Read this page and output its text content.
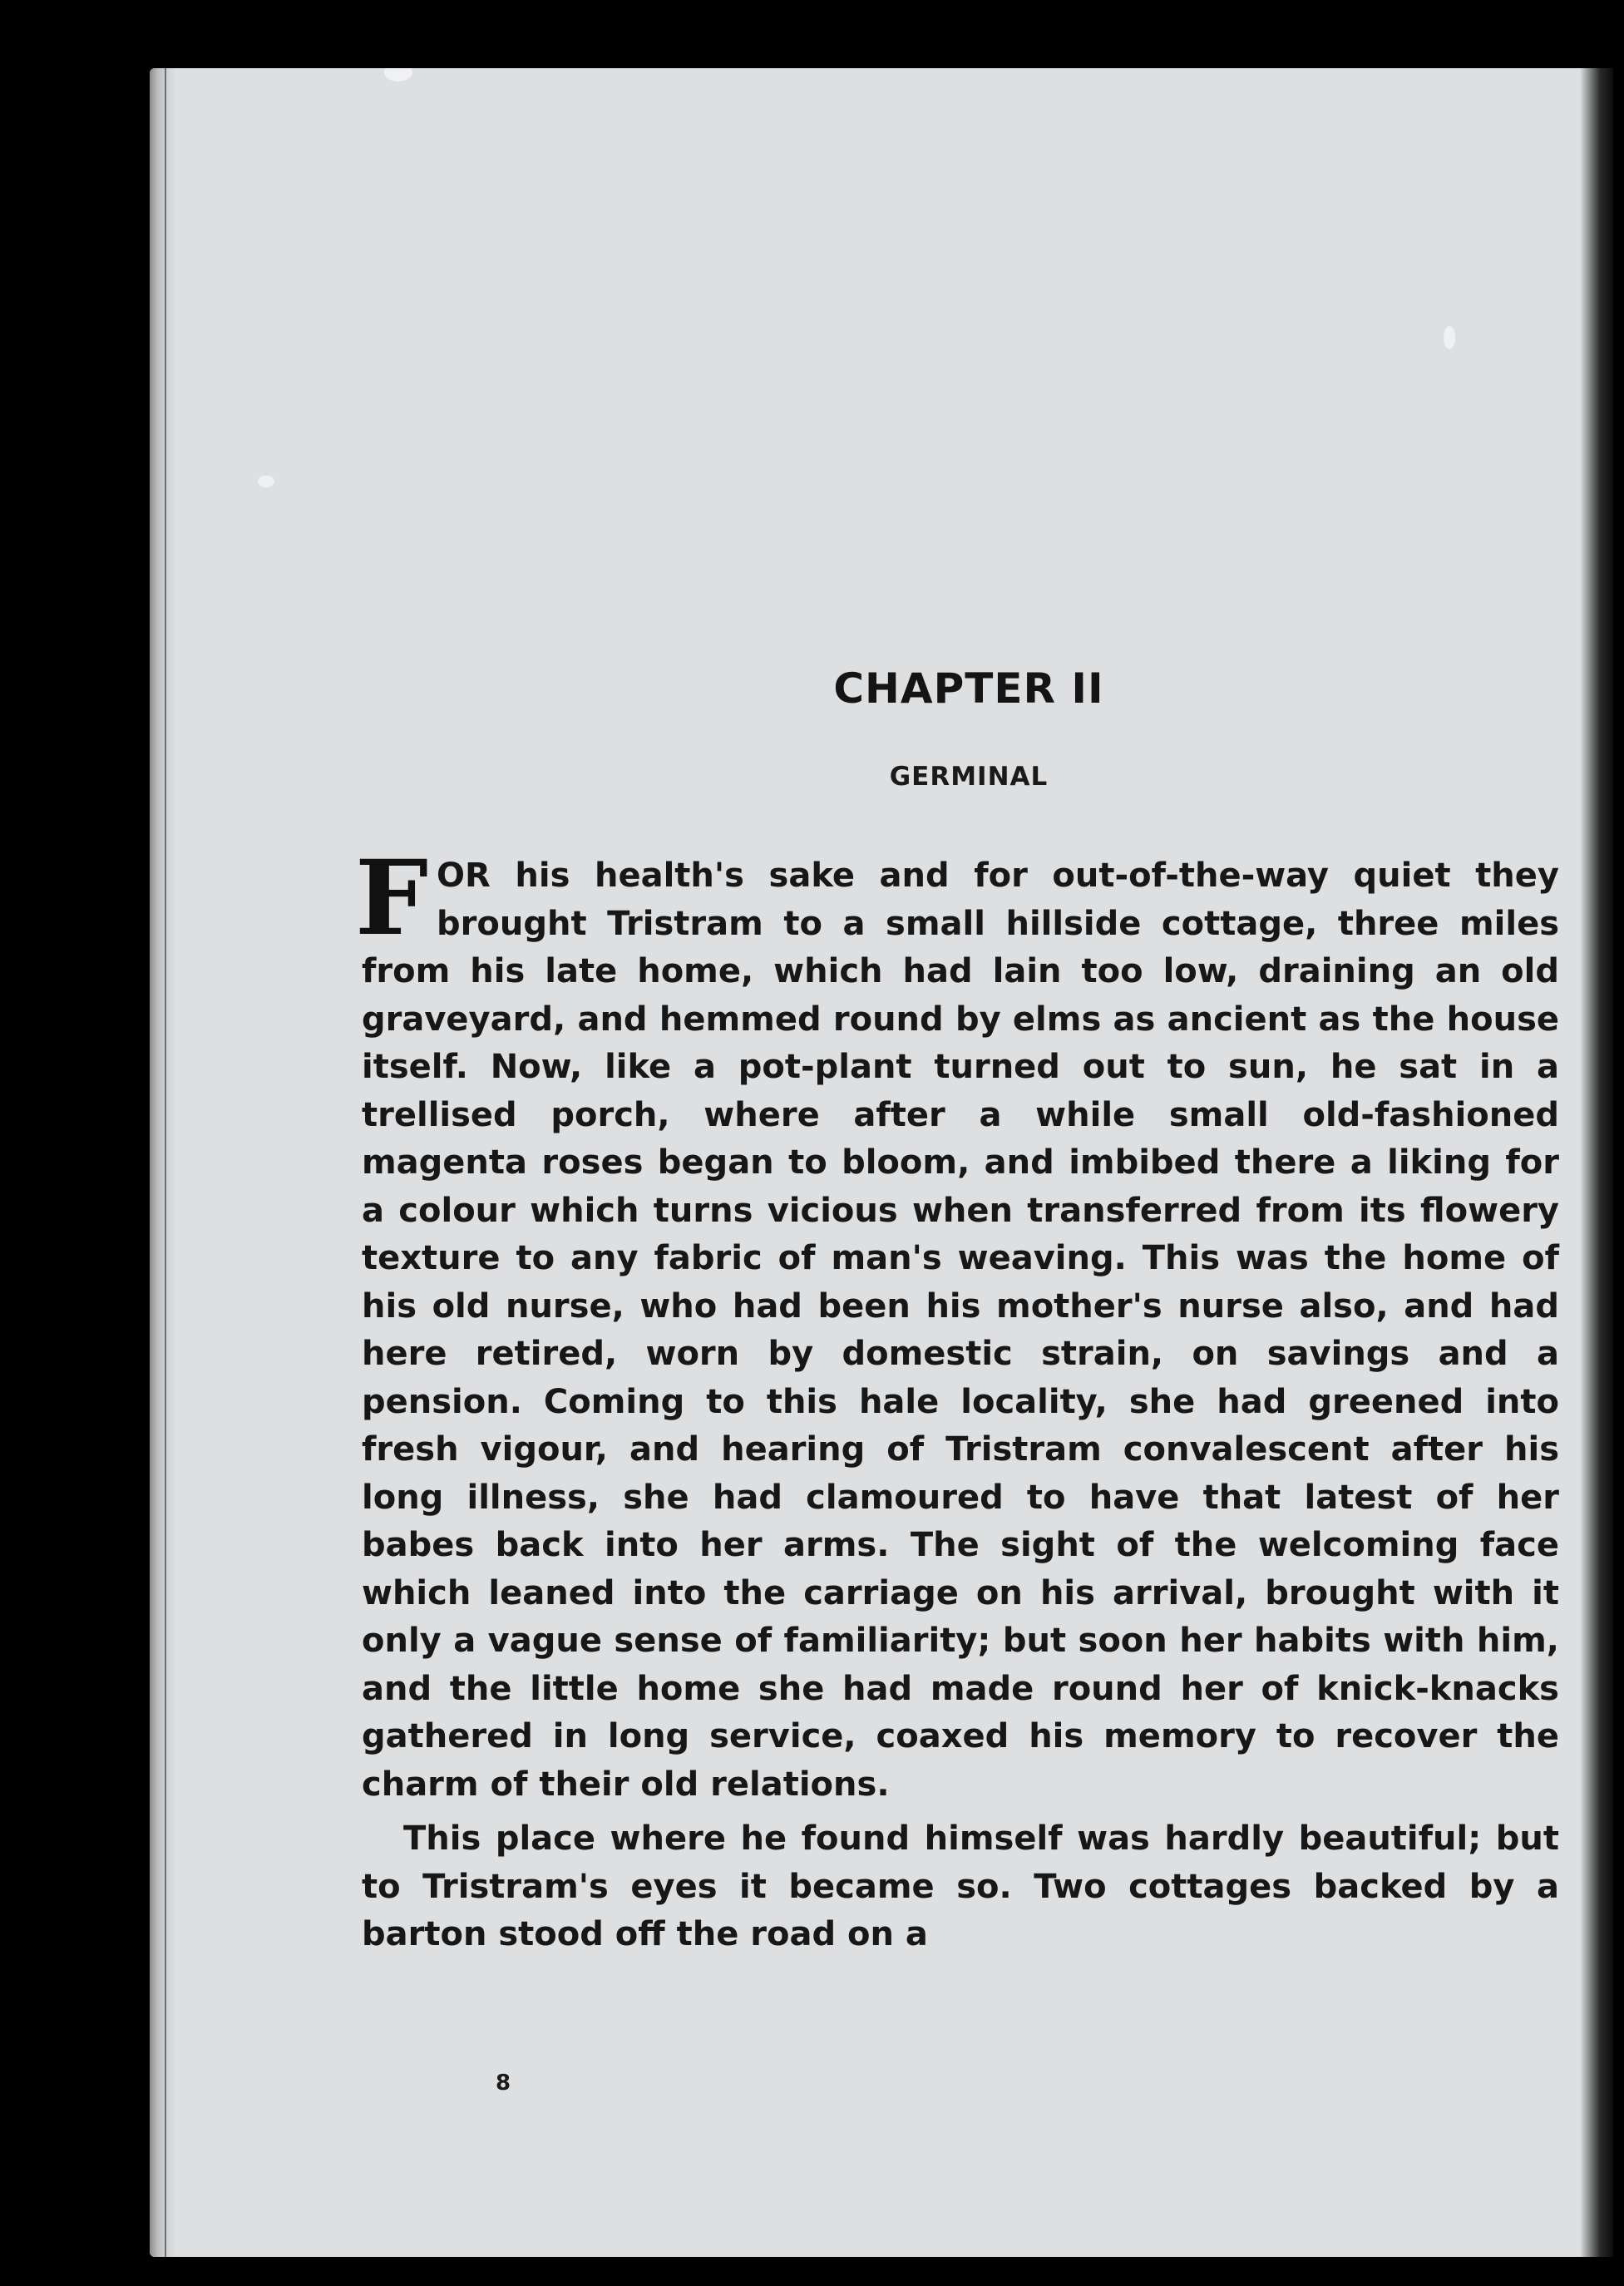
CHAPTER II
GERMINAL

FOR his health's sake and for out-of-the-way quiet they brought Tristram to a small hillside cottage, three miles from his late home, which had lain too low, draining an old graveyard, and hemmed round by elms as ancient as the house itself. Now, like a pot-plant turned out to sun, he sat in a trellised porch, where after a while small old-fashioned magenta roses began to bloom, and imbibed there a liking for a colour which turns vicious when transferred from its flowery texture to any fabric of man's weaving. This was the home of his old nurse, who had been his mother's nurse also, and had here retired, worn by domestic strain, on savings and a pension. Coming to this hale locality, she had greened into fresh vigour, and hearing of Tristram convalescent after his long illness, she had clamoured to have that latest of her babes back into her arms. The sight of the welcoming face which leaned into the carriage on his arrival, brought with it only a vague sense of familiarity; but soon her habits with him, and the little home she had made round her of knick-knacks gathered in long service, coaxed his memory to recover the charm of their old relations.

This place where he found himself was hardly beautiful; but to Tristram's eyes it became so. Two cottages backed by a barton stood off the road on a

8
